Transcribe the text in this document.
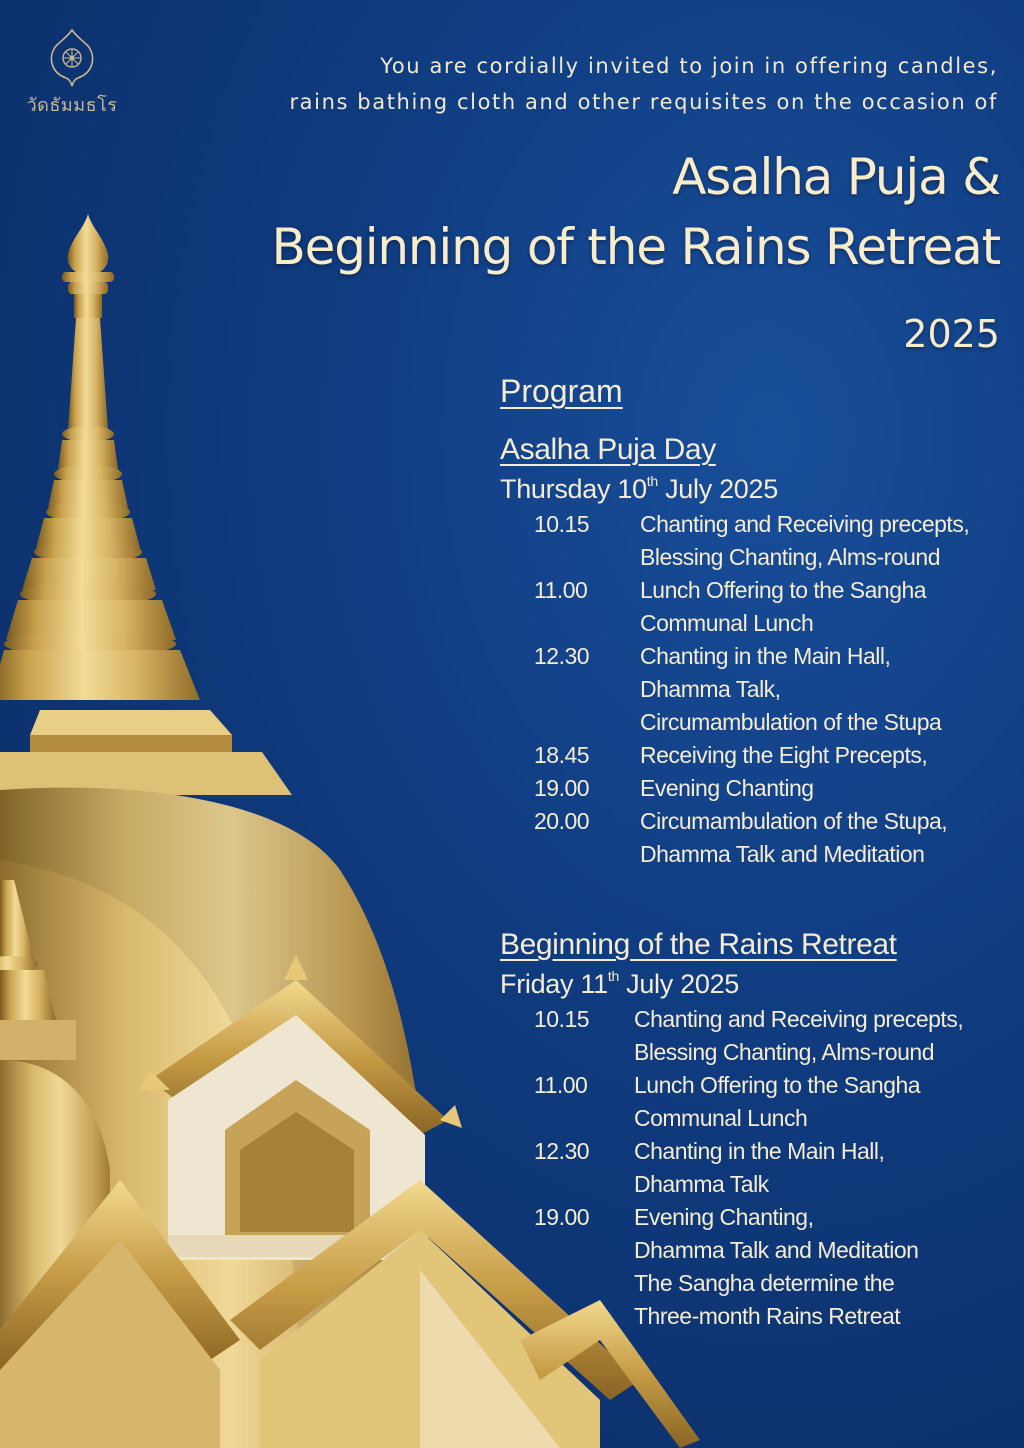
วัดธัมมธโร
You are cordially invited to join in offering candles,
rains bathing cloth and other requisites on the occasion of
Asalha Puja &
Beginning of the Rains Retreat
2025
Program
Asalha Puja Day
Thursday 10th July 2025
10.15	Chanting and Receiving precepts,
Blessing Chanting, Alms-round
11.00	Lunch Offering to the Sangha
Communal Lunch
12.30	Chanting in the Main Hall,
Dhamma Talk,
Circumambulation of the Stupa
18.45	Receiving the Eight Precepts,
19.00	Evening Chanting
20.00	Circumambulation of the Stupa,
Dhamma Talk and Meditation
Beginning of the Rains Retreat
Friday 11th July 2025
10.15	Chanting and Receiving precepts,
Blessing Chanting, Alms-round
11.00	Lunch Offering to the Sangha
Communal Lunch
12.30	Chanting in the Main Hall,
Dhamma Talk
19.00	Evening Chanting,
Dhamma Talk and Meditation
The Sangha determine the
Three-month Rains Retreat
